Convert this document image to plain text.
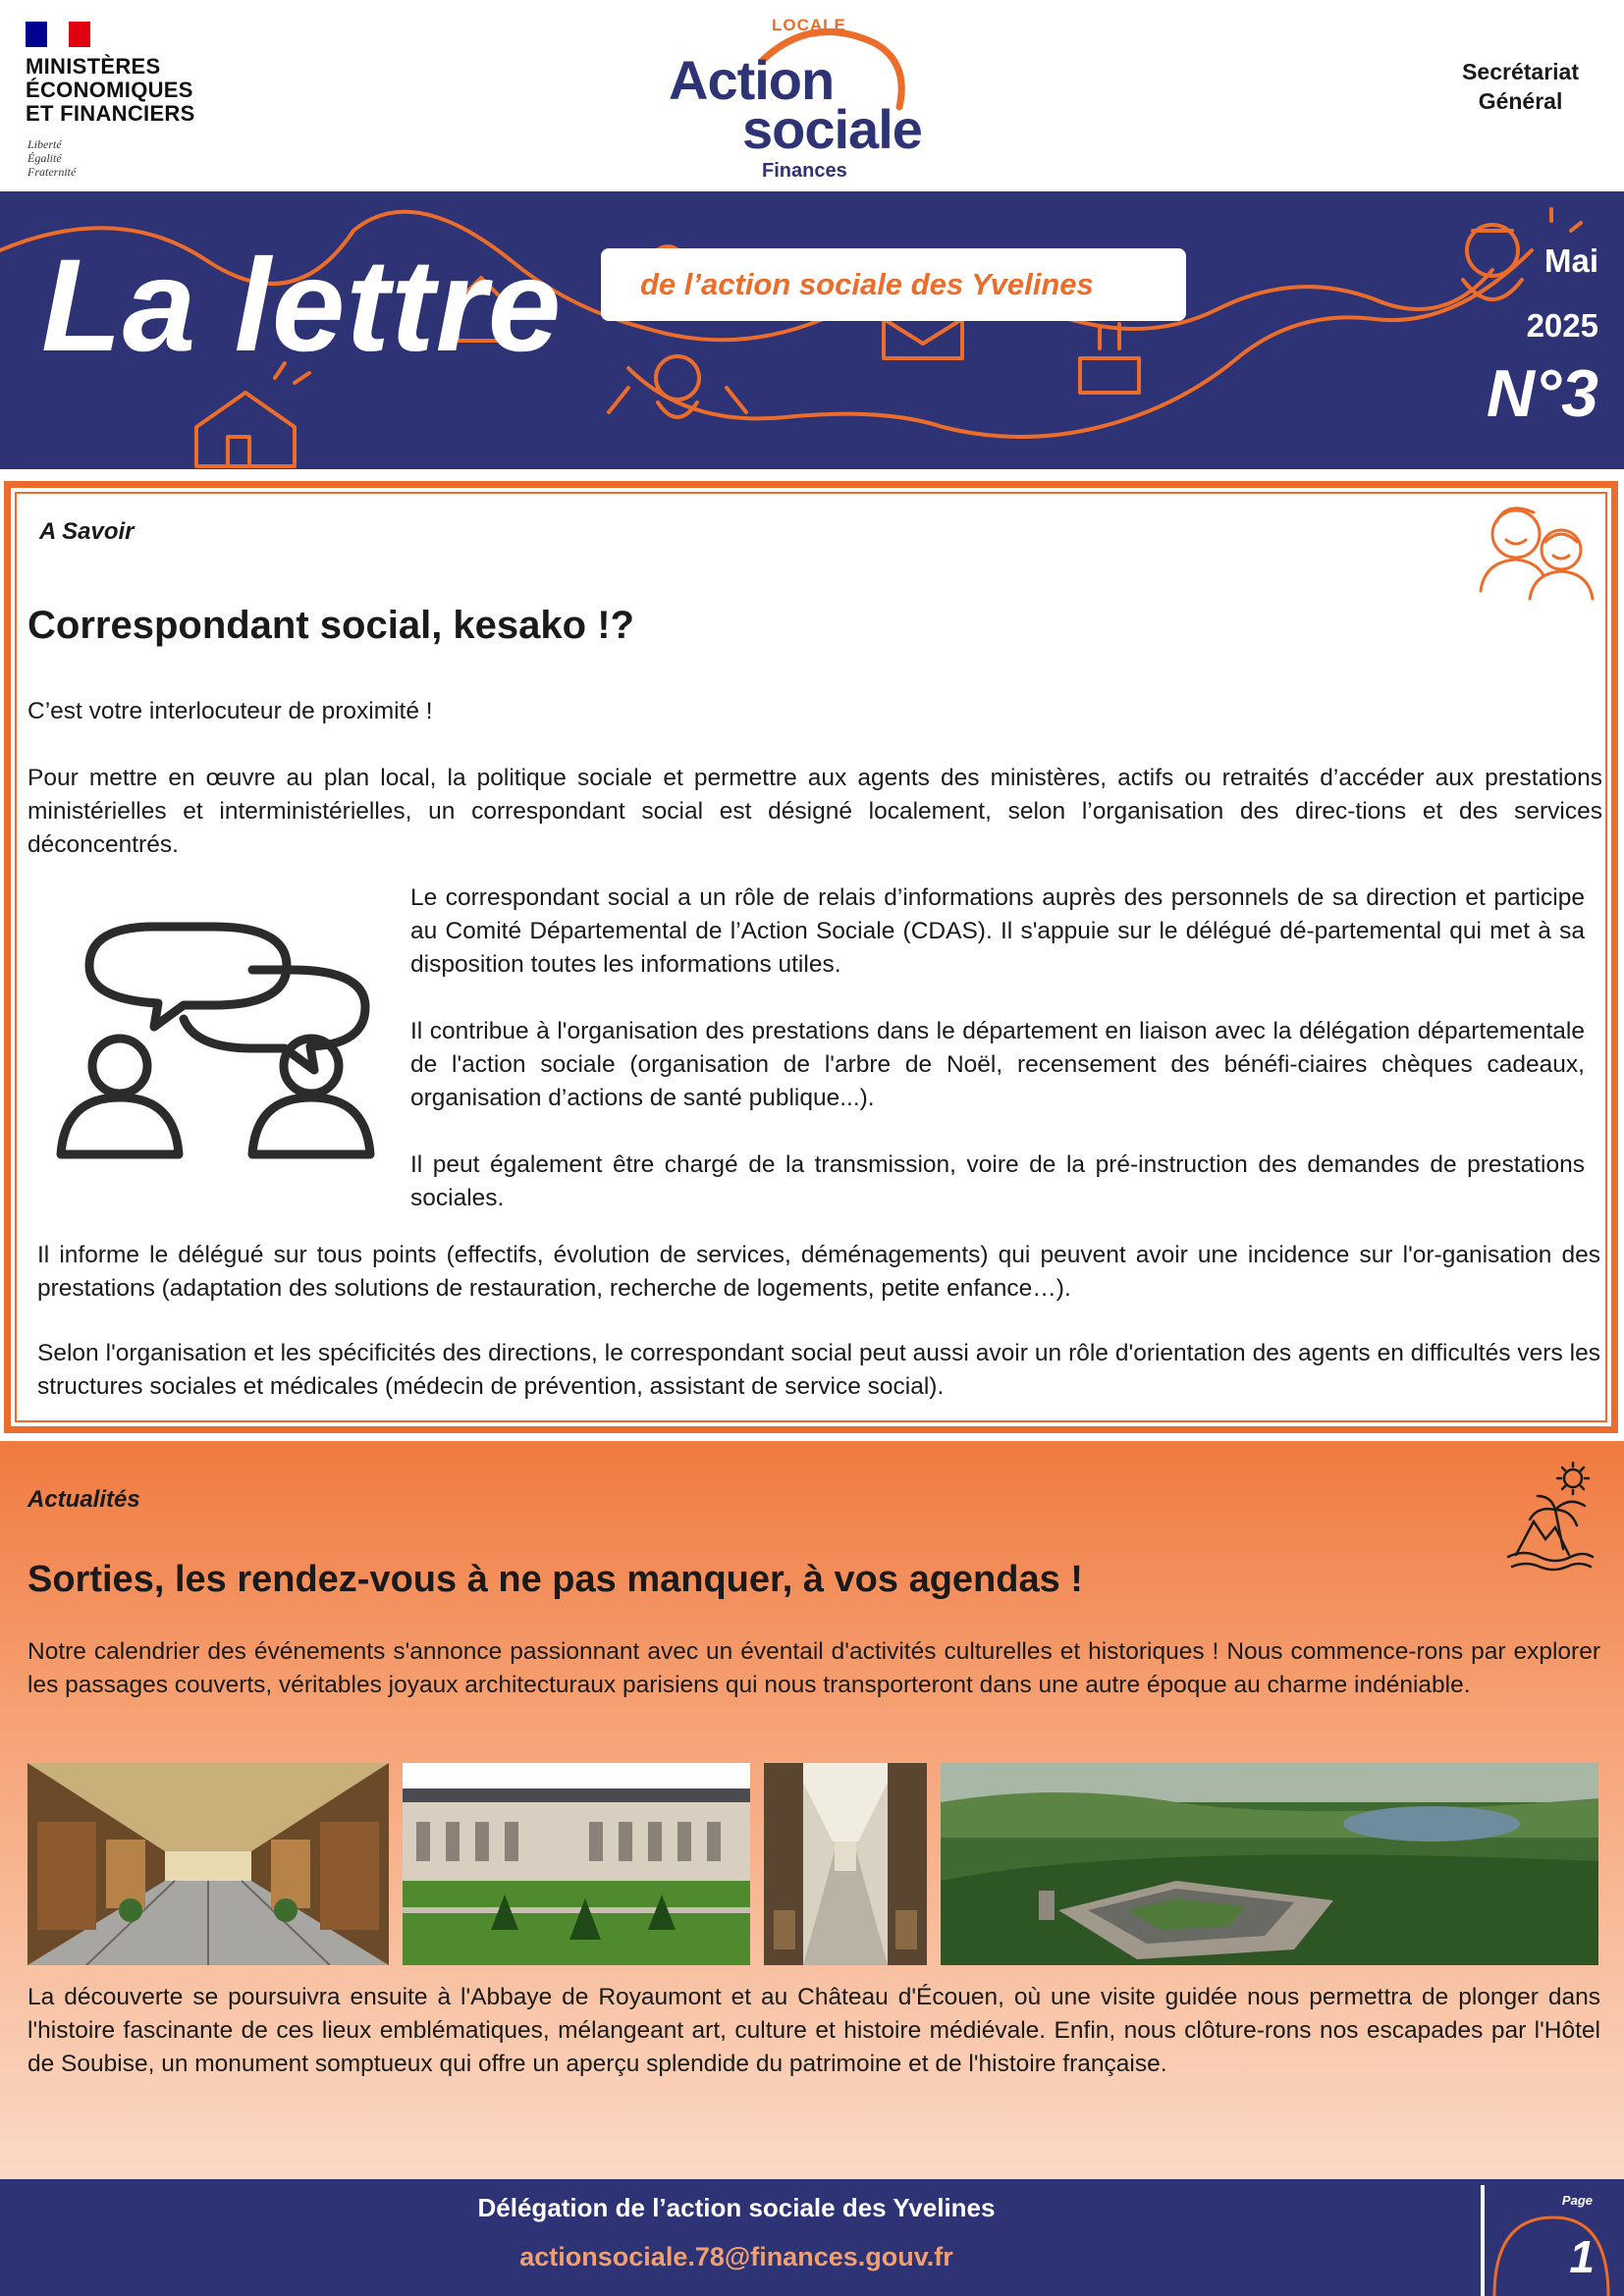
MINISTÈRES
ÉCONOMIQUES
ET FINANCIERS
Liberté
Égalité
Fraternité
LOCALE
Action
sociale
Finances
Secrétariat
Général
La lettre	de l’action sociale des Yvelines
Mai
2025
N°3
A Savoir
Correspondant social, kesako !?
C’est votre interlocuteur de proximité !
Pour mettre en œuvre au plan local, la politique sociale et permettre aux agents des ministères, actifs ou retraités d’accéder aux prestations ministérielles et interministérielles, un correspondant social est désigné localement, selon l’organisation des direc-tions et des services déconcentrés.
Le correspondant social a un rôle de relais d’informations auprès des personnels de sa direction et participe au Comité Départemental de l’Action Sociale (CDAS). Il s'appuie sur le délégué dé-partemental qui met à sa disposition toutes les informations utiles.
Il contribue à l'organisation des prestations dans le département en liaison avec la délégation départementale de l'action sociale (organisation de l'arbre de Noël, recensement des bénéfi-ciaires chèques cadeaux, organisation d’actions de santé publique...).
Il peut également être chargé de la transmission, voire de la pré-instruction des demandes de prestations sociales.
Il informe le délégué sur tous points (effectifs, évolution de services, déménagements) qui peuvent avoir une incidence sur l'or-ganisation des prestations (adaptation des solutions de restauration, recherche de logements, petite enfance…).
Selon l'organisation et les spécificités des directions, le correspondant social peut aussi avoir un rôle d'orientation des agents en difficultés vers les structures sociales et médicales (médecin de prévention, assistant de service social).
Actualités
Sorties, les rendez-vous à ne pas manquer, à vos agendas !
Notre calendrier des événements s'annonce passionnant avec un éventail d'activités culturelles et historiques ! Nous commence-rons par explorer les passages couverts, véritables joyaux architecturaux parisiens qui nous transporteront dans une autre époque au charme indéniable.
La découverte se poursuivra ensuite à l'Abbaye de Royaumont et au Château d'Écouen, où une visite guidée nous permettra de plonger dans l'histoire fascinante de ces lieux emblématiques, mélangeant art, culture et histoire médiévale. Enfin, nous clôture-rons nos escapades par l'Hôtel de Soubise, un monument somptueux qui offre un aperçu splendide du patrimoine et de l'histoire française.
Délégation de l’action sociale des Yvelines
actionsociale.78@finances.gouv.fr
Page
1
